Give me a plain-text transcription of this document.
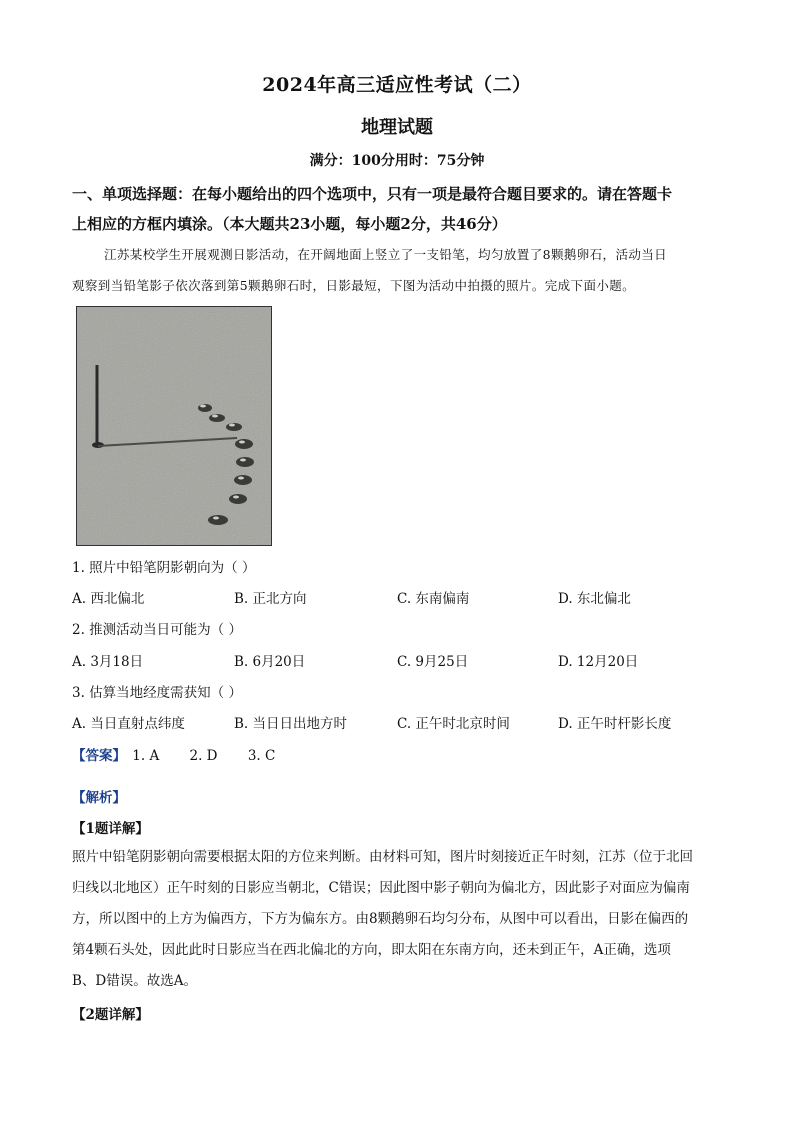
2024年高三适应性考试（二）
地理试题
满分：100分用时：75分钟
一、单项选择题：在每小题给出的四个选项中，只有一项是最符合题目要求的。请在答题卡
上相应的方框内填涂。（本大题共23小题，每小题2分，共46分）
江苏某校学生开展观测日影活动，在开阔地面上竖立了一支铅笔，均匀放置了8颗鹅卵石，活动当日
观察到当铅笔影子依次落到第5颗鹅卵石时，日影最短，下图为活动中拍摄的照片。完成下面小题。
1. 照片中铅笔阴影朝向为（ ）
A. 西北偏北	B. 正北方向	C. 东南偏南	D. 东北偏北
2. 推测活动当日可能为（ ）
A. 3月18日	B. 6月20日	C. 9月25日	D. 12月20日
3. 估算当地经度需获知（ ）
A. 当日直射点纬度	B. 当日日出地方时	C. 正午时北京时间	D. 正午时杆影长度
【答案】 1. A 2. D 3. C
【解析】
【1题详解】
照片中铅笔阴影朝向需要根据太阳的方位来判断。由材料可知，图片时刻接近正午时刻，江苏（位于北回
归线以北地区）正午时刻的日影应当朝北，C错误；因此图中影子朝向为偏北方，因此影子对面应为偏南
方，所以图中的上方为偏西方，下方为偏东方。由8颗鹅卵石均匀分布，从图中可以看出，日影在偏西的
第4颗石头处，因此此时日影应当在西北偏北的方向，即太阳在东南方向，还未到正午，A正确，选项
B、D错误。故选A。
【2题详解】
